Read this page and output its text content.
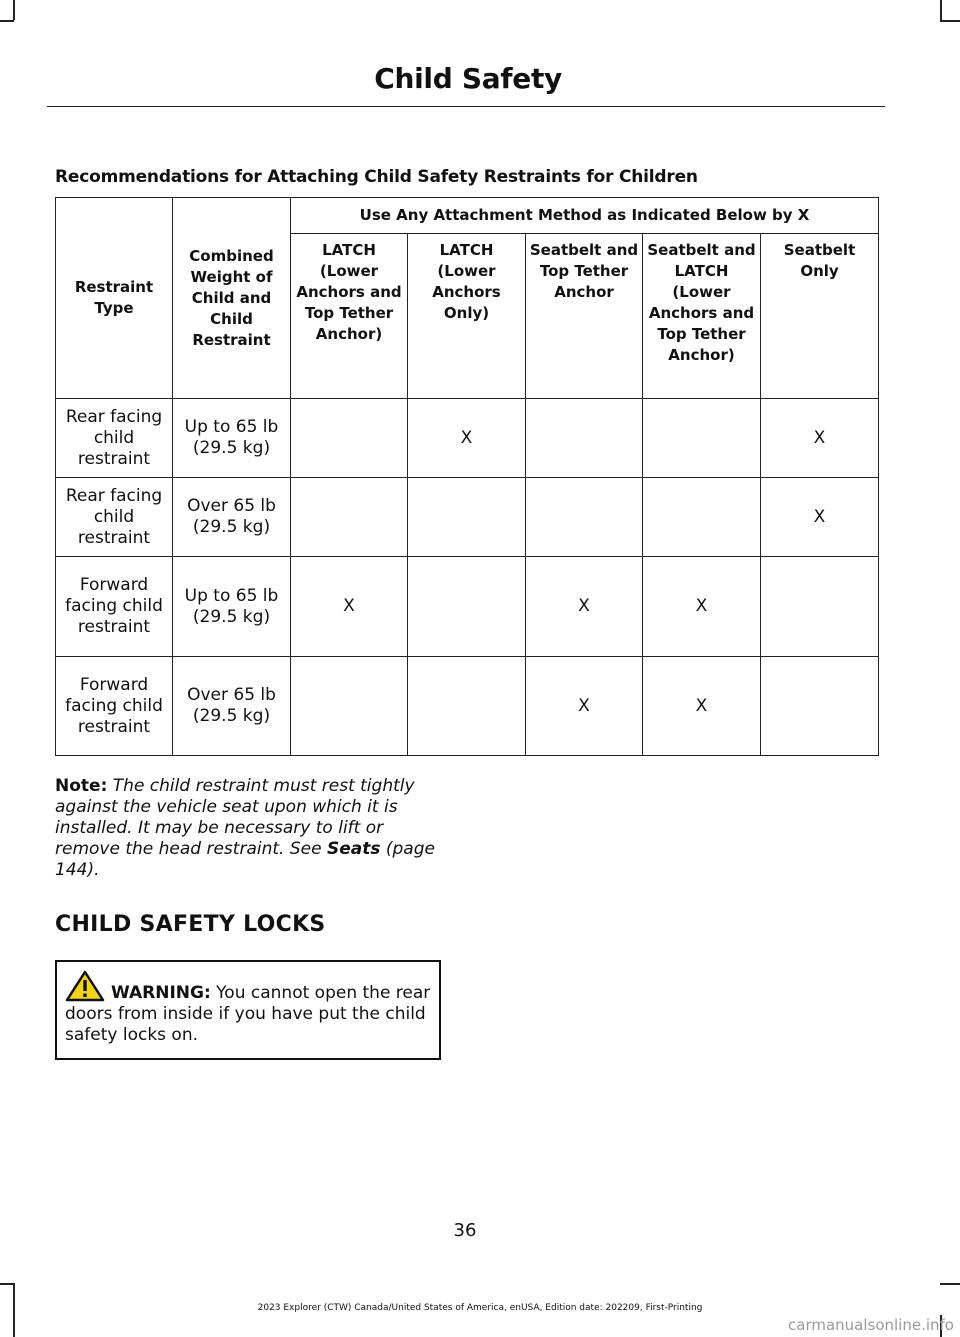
Child Safety
Recommendations for Attaching Child Safety Restraints for Children
Restraint Type	Combined Weight of Child and Child Restraint	Use Any Attachment Method as Indicated Below by X				
		LATCH (Lower Anchors and Top Tether Anchor)	LATCH (Lower Anchors Only)	Seatbelt and Top Tether Anchor	Seatbelt and LATCH (Lower Anchors and Top Tether Anchor)	Seatbelt Only
Rear facing child restraint	Up to 65 lb (29.5 kg)		X			X
Rear facing child restraint	Over 65 lb (29.5 kg)					X
Forward facing child restraint	Up to 65 lb (29.5 kg)	X		X	X	
Forward facing child restraint	Over 65 lb (29.5 kg)			X	X	
Note: The child restraint must rest tightly against the vehicle seat upon which it is installed. It may be necessary to lift or remove the head restraint. See Seats (page 144).
CHILD SAFETY LOCKS
WARNING: You cannot open the rear doors from inside if you have put the child safety locks on.
36
2023 Explorer (CTW) Canada/United States of America, enUSA, Edition date: 202209, First-Printing
carmanualsonline.info
